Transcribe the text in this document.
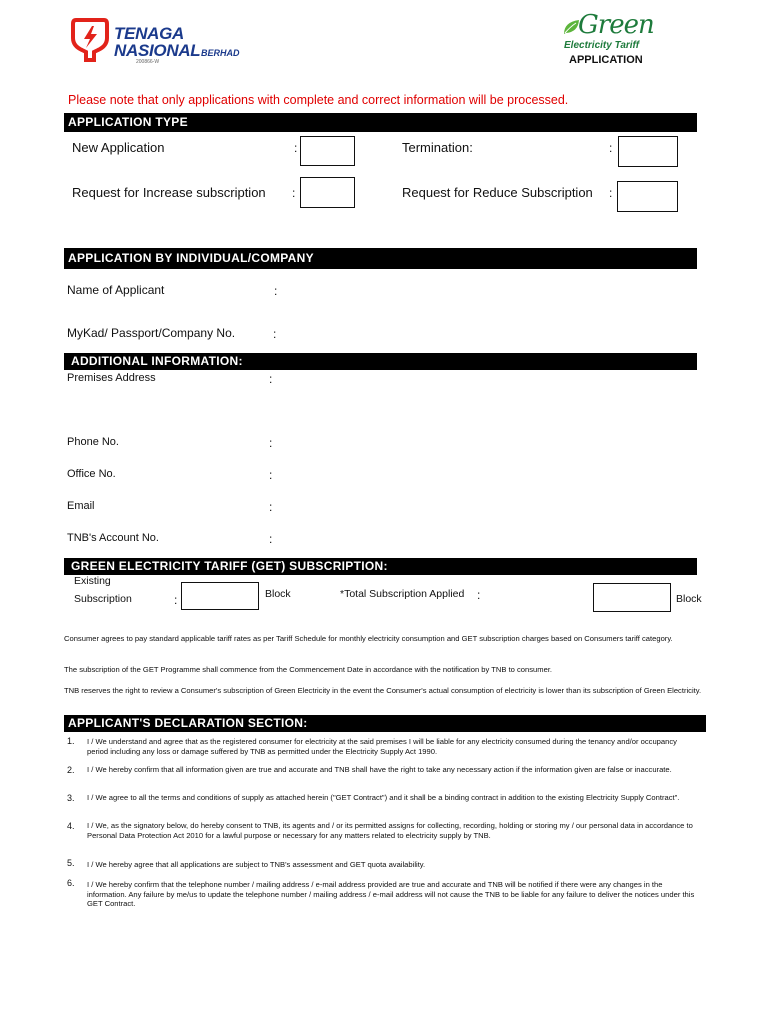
TENAGA
NASIONAL BERHAD
200866-W
Green
Electricity Tariff
APPLICATION
Please note that only applications with complete and correct information will be processed.
APPLICATION TYPE
New Application	:	Termination:	:
Request for Increase subscription :	Request for Reduce Subscription :
APPLICATION BY INDIVIDUAL/COMPANY
Name of Applicant	:
MyKad/ Passport/Company No.	:
ADDITIONAL INFORMATION:
Premises Address	:
Phone No.	:
Office No.	:
Email	:
TNB's Account No.	:
GREEN ELECTRICITY TARIFF (GET) SUBSCRIPTION:
Existing
Subscription	:	Block	*Total Subscription Applied :	Block
Consumer agrees to pay standard applicable tariff rates as per Tariff Schedule for monthly electricity consumption and GET subscription charges based on Consumers tariff category.
The subscription of the GET Programme shall commence from the Commencement Date in accordance with the notification by TNB to consumer.
TNB reserves the right to review a Consumer's subscription of Green Electricity in the event the Consumer's actual consumption of electricity is lower than its subscription of Green Electricity.
APPLICANT'S DECLARATION SECTION:
1. I / We understand and agree that as the registered consumer for electricity at the said premises I will be liable for any electricity consumed during the tenancy and/or occupancy period including any loss or damage suffered by TNB as permitted under the Electricity Supply Act 1990.
2. I / We hereby confirm that all information given are true and accurate and TNB shall have the right to take any necessary action if the information given are false or inaccurate.
3. I / We agree to all the terms and conditions of supply as attached herein ("GET Contract") and it shall be a binding contract in addition to the existing Electricity Supply Contract".
4. I / We, as the signatory below, do hereby consent to TNB, its agents and / or its permitted assigns for collecting, recording, holding or storing my / our personal data in accordance to Personal Data Protection Act 2010 for a lawful purpose or necessary for any matters related to electricity supply by TNB.
5. I / We hereby agree that all applications are subject to TNB's assessment and GET quota availability.
6. I / We hereby confirm that the telephone number / mailing address / e-mail address provided are true and accurate and TNB will be notified if there were any changes in the information. Any failure by me/us to update the telephone number / mailing address / e-mail address will not cause the TNB to be liable for any failure to deliver the notices under this GET Contract.
